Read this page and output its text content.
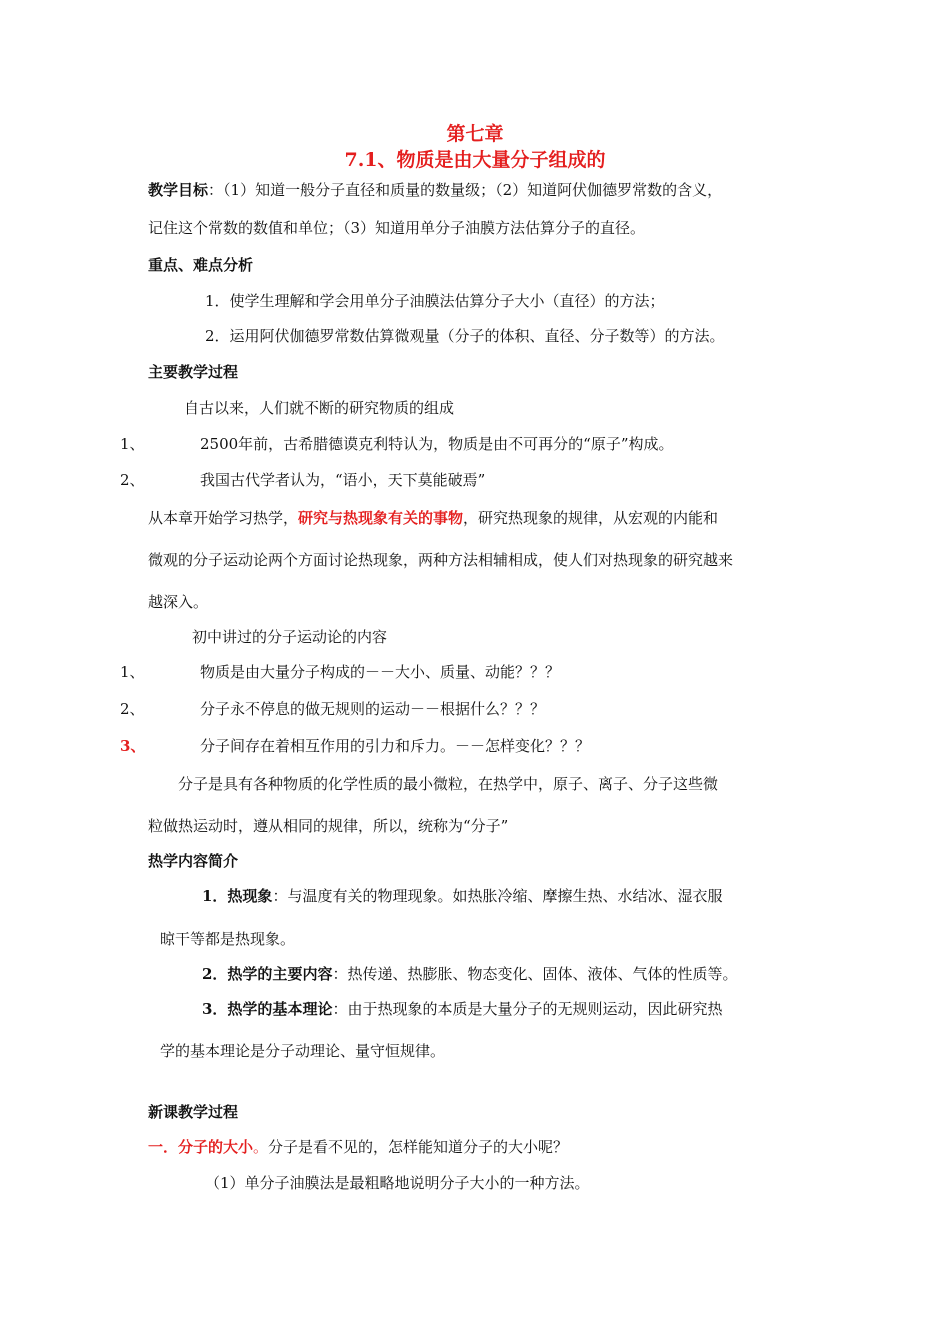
第七章
7.1、物质是由大量分子组成的
教学目标：（1）知道一般分子直径和质量的数量级；（2）知道阿伏伽德罗常数的含义，
记住这个常数的数值和单位；（3）知道用单分子油膜方法估算分子的直径。
重点、难点分析
1．使学生理解和学会用单分子油膜法估算分子大小（直径）的方法；
2．运用阿伏伽德罗常数估算微观量（分子的体积、直径、分子数等）的方法。
主要教学过程
自古以来，人们就不断的研究物质的组成
1、	2500年前，古希腊德谟克利特认为，物质是由不可再分的“原子”构成。
2、	我国古代学者认为，“语小，天下莫能破焉”
从本章开始学习热学，研究与热现象有关的事物，研究热现象的规律，从宏观的内能和
微观的分子运动论两个方面讨论热现象，两种方法相辅相成，使人们对热现象的研究越来
越深入。
初中讲过的分子运动论的内容
1、	物质是由大量分子构成的－－大小、质量、动能？？？
2、	分子永不停息的做无规则的运动－－根据什么？？？
3、	分子间存在着相互作用的引力和斥力。－－怎样变化？？？
分子是具有各种物质的化学性质的最小微粒，在热学中，原子、离子、分子这些微
粒做热运动时，遵从相同的规律，所以，统称为“分子”
热学内容简介
1．热现象：与温度有关的物理现象。如热胀冷缩、摩擦生热、水结冰、湿衣服
晾干等都是热现象。
2．热学的主要内容：热传递、热膨胀、物态变化、固体、液体、气体的性质等。
3．热学的基本理论：由于热现象的本质是大量分子的无规则运动，因此研究热
学的基本理论是分子动理论、量守恒规律。
新课教学过程
一．分子的大小。分子是看不见的，怎样能知道分子的大小呢？
（1）单分子油膜法是最粗略地说明分子大小的一种方法。
